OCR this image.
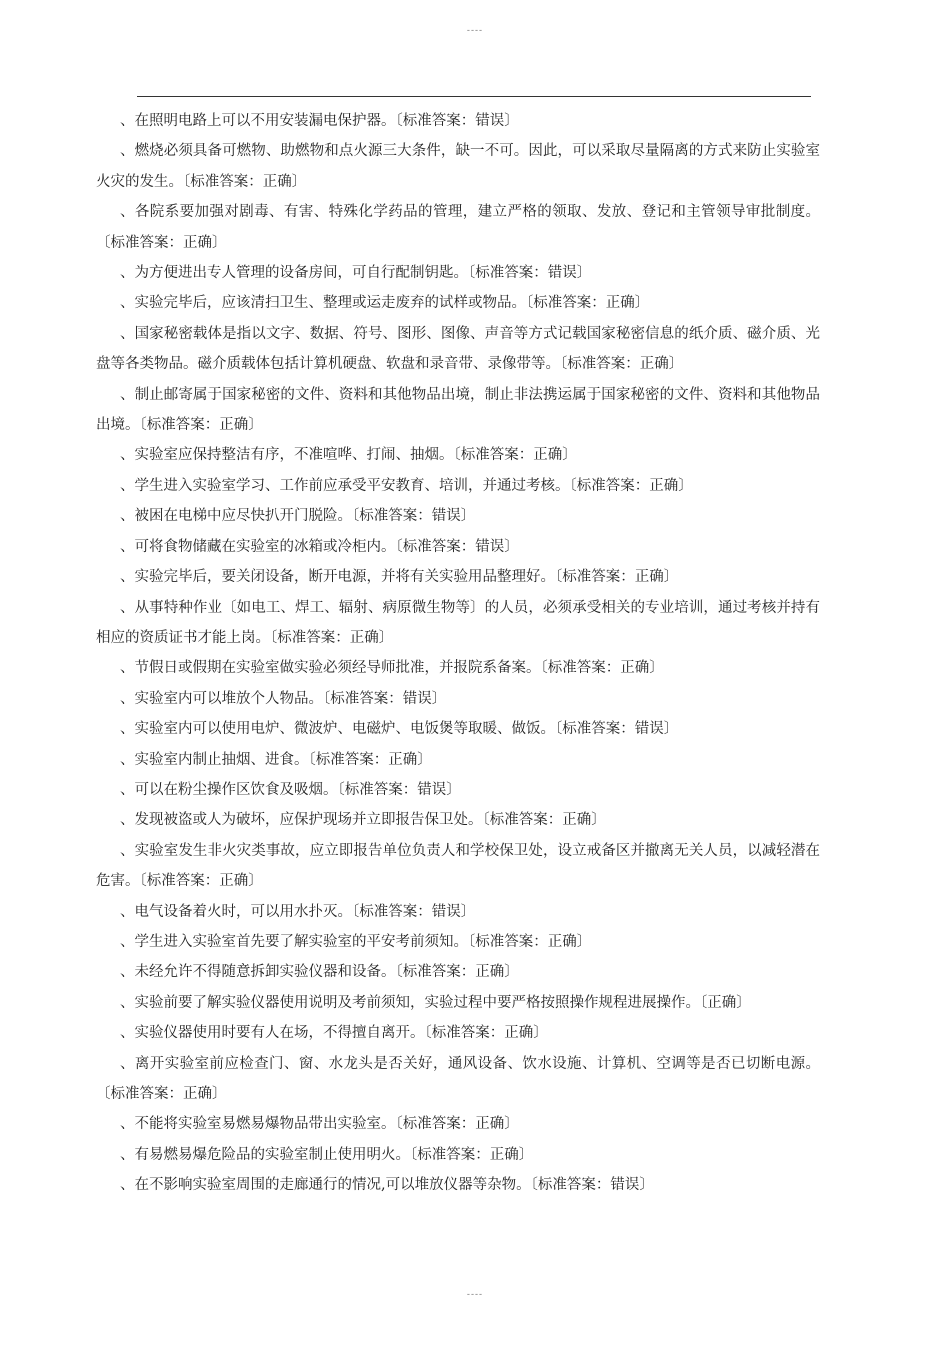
----

、在照明电路上可以不用安装漏电保护器。〔标准答案：错误〕

、燃烧必须具备可燃物、助燃物和点火源三大条件，缺一不可。因此，可以采取尽量隔离的方式来防止实验室火灾的发生。〔标准答案：正确〕

、各院系要加强对剧毒、有害、特殊化学药品的管理，建立严格的领取、发放、登记和主管领导审批制度。〔标准答案：正确〕

、为方便进出专人管理的设备房间，可自行配制钥匙。〔标准答案：错误〕

、实验完毕后，应该清扫卫生、整理或运走废弃的试样或物品。〔标准答案：正确〕

、国家秘密载体是指以文字、数据、符号、图形、图像、声音等方式记载国家秘密信息的纸介质、磁介质、光盘等各类物品。磁介质载体包括计算机硬盘、软盘和录音带、录像带等。〔标准答案：正确〕

、制止邮寄属于国家秘密的文件、资料和其他物品出境，制止非法携运属于国家秘密的文件、资料和其他物品出境。〔标准答案：正确〕

、实验室应保持整洁有序，不准喧哗、打闹、抽烟。〔标准答案：正确〕

、学生进入实验室学习、工作前应承受平安教育、培训，并通过考核。〔标准答案：正确〕

、被困在电梯中应尽快扒开门脱险。〔标准答案：错误〕

、可将食物储藏在实验室的冰箱或冷柜内。〔标准答案：错误〕

、实验完毕后，要关闭设备，断开电源，并将有关实验用品整理好。〔标准答案：正确〕

、从事特种作业〔如电工、焊工、辐射、病原微生物等〕的人员，必须承受相关的专业培训，通过考核并持有相应的资质证书才能上岗。〔标准答案：正确〕

、节假日或假期在实验室做实验必须经导师批准，并报院系备案。〔标准答案：正确〕

、实验室内可以堆放个人物品。〔标准答案：错误〕

、实验室内可以使用电炉、微波炉、电磁炉、电饭煲等取暖、做饭。〔标准答案：错误〕

、实验室内制止抽烟、进食。〔标准答案：正确〕

、可以在粉尘操作区饮食及吸烟。〔标准答案：错误〕

、发现被盗或人为破坏，应保护现场并立即报告保卫处。〔标准答案：正确〕

、实验室发生非火灾类事故，应立即报告单位负责人和学校保卫处，设立戒备区并撤离无关人员，以减轻潜在危害。〔标准答案：正确〕

、电气设备着火时，可以用水扑灭。〔标准答案：错误〕

、学生进入实验室首先要了解实验室的平安考前须知。〔标准答案：正确〕

、未经允许不得随意拆卸实验仪器和设备。〔标准答案：正确〕

、实验前要了解实验仪器使用说明及考前须知，实验过程中要严格按照操作规程进展操作。〔正确〕

、实验仪器使用时要有人在场，不得擅自离开。〔标准答案：正确〕

、离开实验室前应检查门、窗、水龙头是否关好，通风设备、饮水设施、计算机、空调等是否已切断电源。〔标准答案：正确〕

、不能将实验室易燃易爆物品带出实验室。〔标准答案：正确〕

、有易燃易爆危险品的实验室制止使用明火。〔标准答案：正确〕

、在不影响实验室周围的走廊通行的情况,可以堆放仪器等杂物。〔标准答案：错误〕

----
